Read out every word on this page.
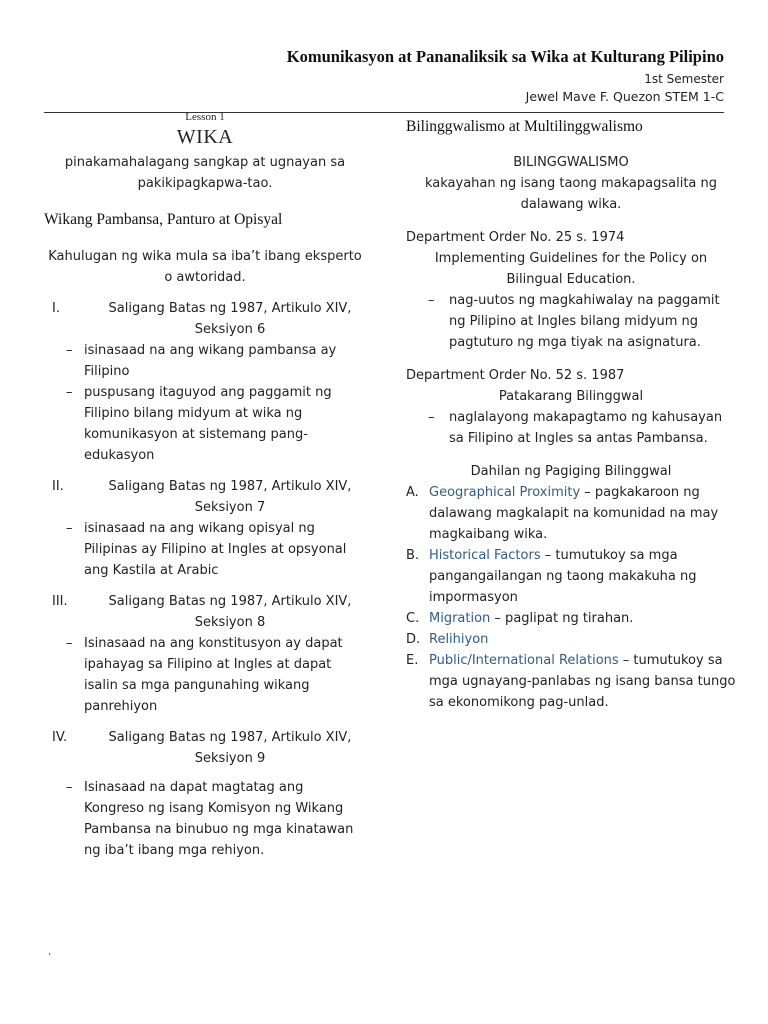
Komunikasyon at Pananaliksik sa Wika at Kulturang Pilipino
1st Semester
Jewel Mave F. Quezon STEM 1-C

Lesson 1

WIKA

pinakamahalagang sangkap at ugnayan sa pakikipagkapwa-tao.

Wikang Pambansa, Panturo at Opisyal

Kahulugan ng wika mula sa iba’t ibang eksperto o awtoridad.

I.	Saligang Batas ng 1987, Artikulo XIV, Seksiyon 6
– isinasaad na ang wikang pambansa ay Filipino
– puspusang itaguyod ang paggamit ng Filipino bilang midyum at wika ng komunikasyon at sistemang pang-edukasyon
II.	Saligang Batas ng 1987, Artikulo XIV, Seksiyon 7
– isinasaad na ang wikang opisyal ng Pilipinas ay Filipino at Ingles at opsyonal ang Kastila at Arabic
III.	Saligang Batas ng 1987, Artikulo XIV, Seksiyon 8
– Isinasaad na ang konstitusyon ay dapat ipahayag sa Filipino at Ingles at dapat isalin sa mga pangunahing wikang panrehiyon
IV.	Saligang Batas ng 1987, Artikulo XIV, Seksiyon 9
– Isinasaad na dapat magtatag ang Kongreso ng isang Komisyon ng Wikang Pambansa na binubuo ng mga kinatawan ng iba’t ibang mga rehiyon.

Bilinggwalismo at Multilinggwalismo

BILINGGWALISMO

kakayahan ng isang taong makapagsalita ng dalawang wika.

Department Order No. 25 s. 1974

Implementing Guidelines for the Policy on Bilingual Education.

–	nag-uutos ng magkahiwalay na paggamit ng Pilipino at Ingles bilang midyum ng pagtuturo ng mga tiyak na asignatura.

Department Order No. 52 s. 1987

Patakarang Bilinggwal

–	naglalayong makapagtamo ng kahusayan sa Filipino at Ingles sa antas Pambansa.

Dahilan ng Pagiging Bilinggwal

A. Geographical Proximity – pagkakaroon ng dalawang magkalapit na komunidad na may magkaibang wika.
B. Historical Factors – tumutukoy sa mga pangangailangan ng taong makakuha ng impormasyon
C. Migration – paglipat ng tirahan.
D. Relihiyon
E. Public/International Relations – tumutukoy sa mga ugnayang-panlabas ng isang bansa tungo sa ekonomikong pag-unlad.
’
